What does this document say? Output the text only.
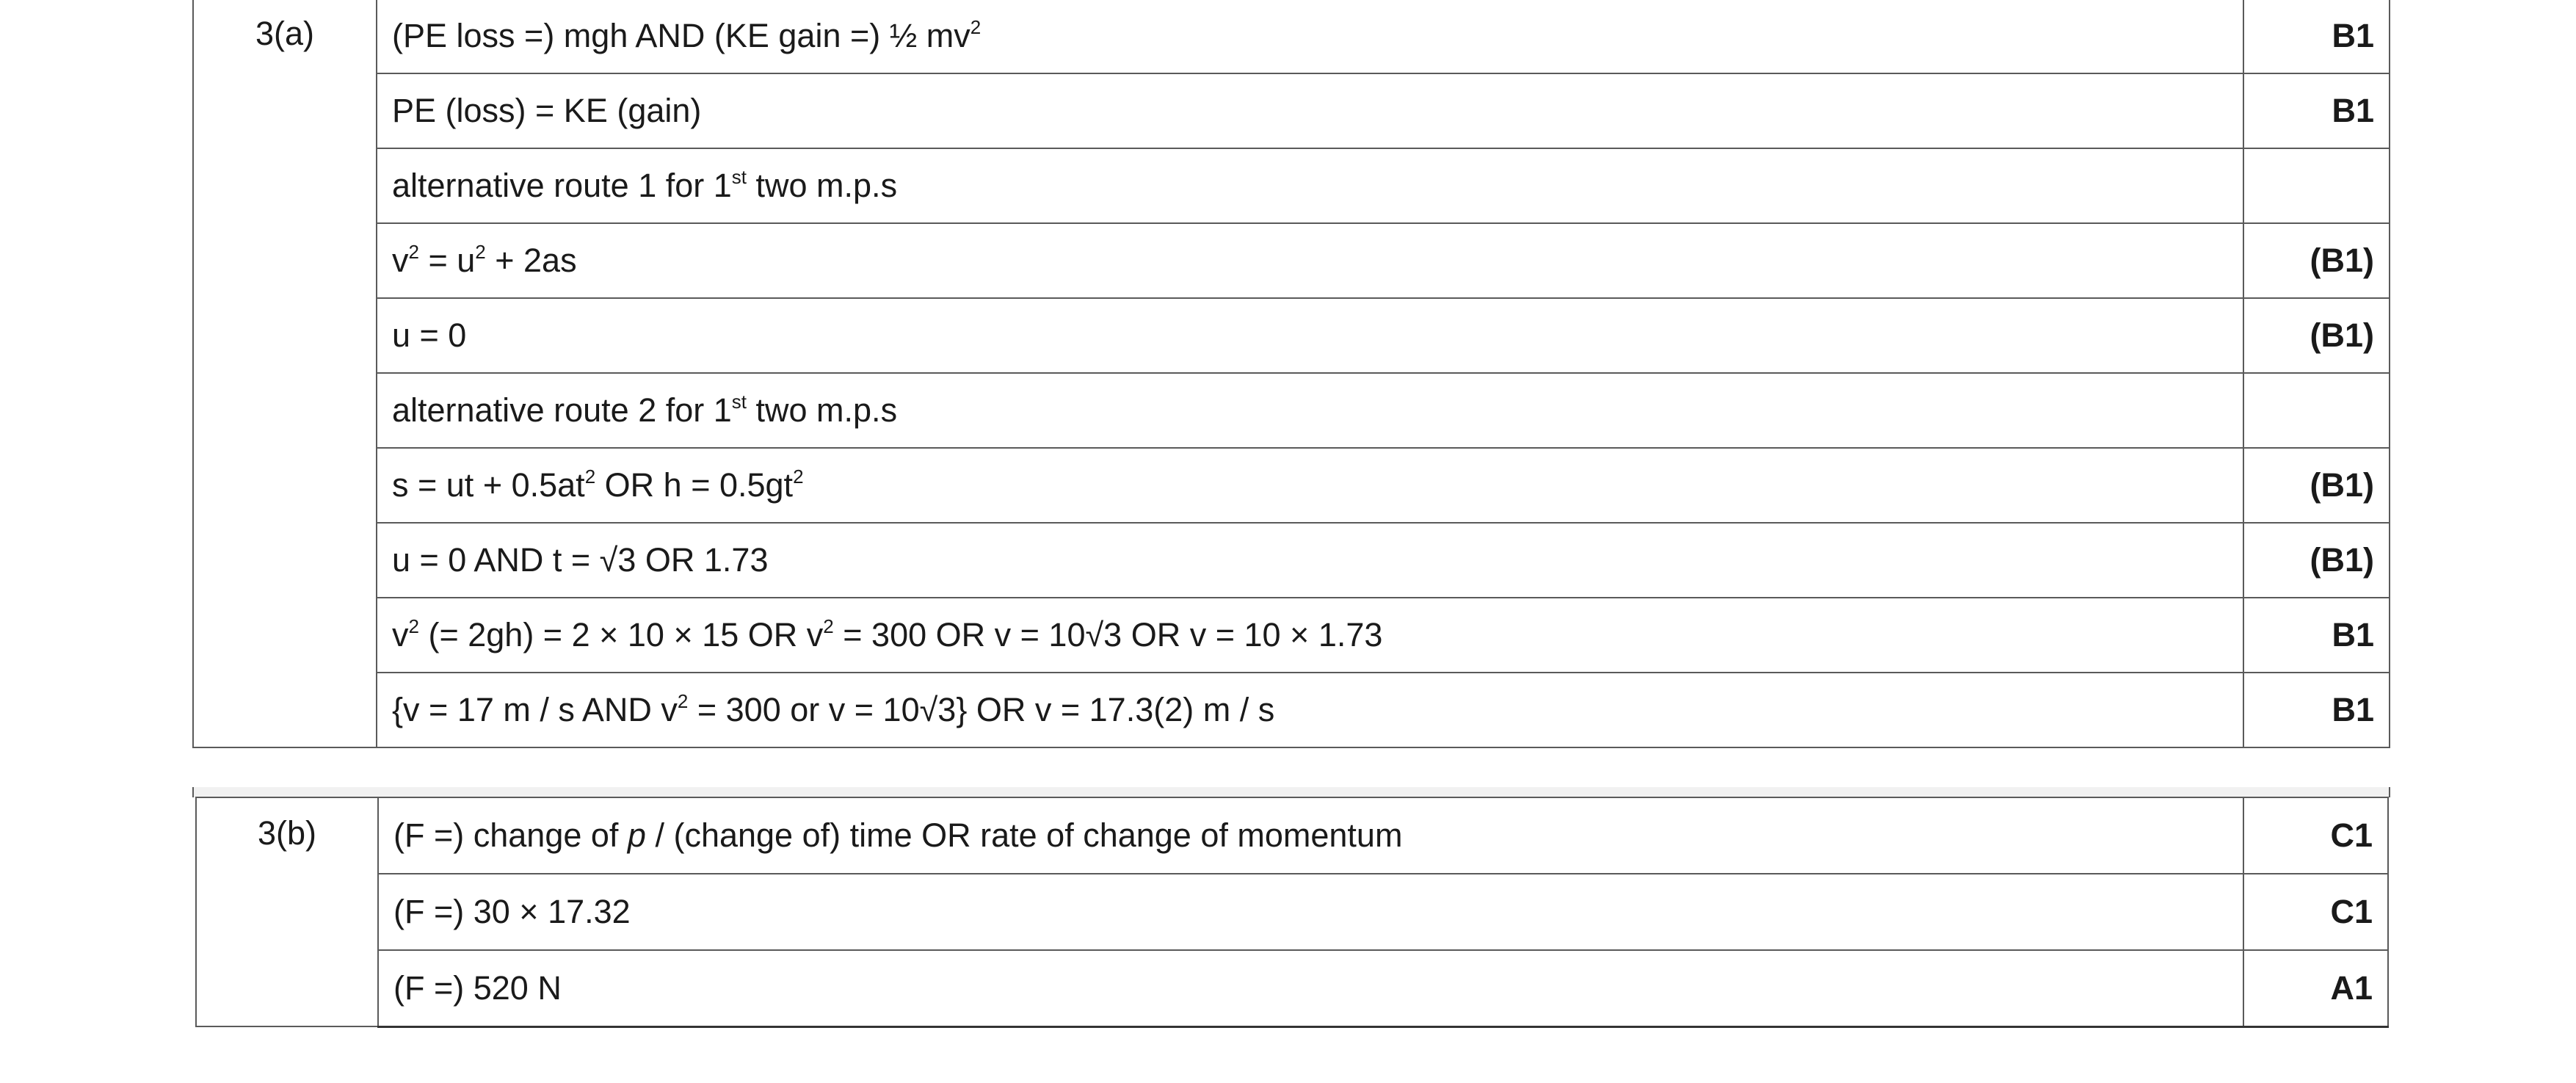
3(a)	(PE loss =) mgh AND (KE gain =) ½ $mv^2$	B1
	PE (loss) = KE (gain)	B1
	alternative route 1 for 1st two m.p.s	
	$v^2 = u^2 + 2as$	(B1)
	u = 0	(B1)
	alternative route 2 for 1st two m.p.s	
	s = ut + $0.5at^2$ OR $h = 0.5gt^2$	(B1)
	u = 0 AND t = √3 OR 1.73	(B1)
	$v^2$ (= 2gh) = 2 × 10 × 15 OR $v^2 = 300$ OR v = 10√3 OR v = 10 × 1.73	B1
	{v = 17 m / s AND $v^2 = 300$ or v = 10√3} OR v = 17.3(2) m / s	B1
3(b)	(F =) change of p / (change of) time OR rate of change of momentum	C1
	(F =) 30 × 17.32	C1
	(F =) 520 N	A1
